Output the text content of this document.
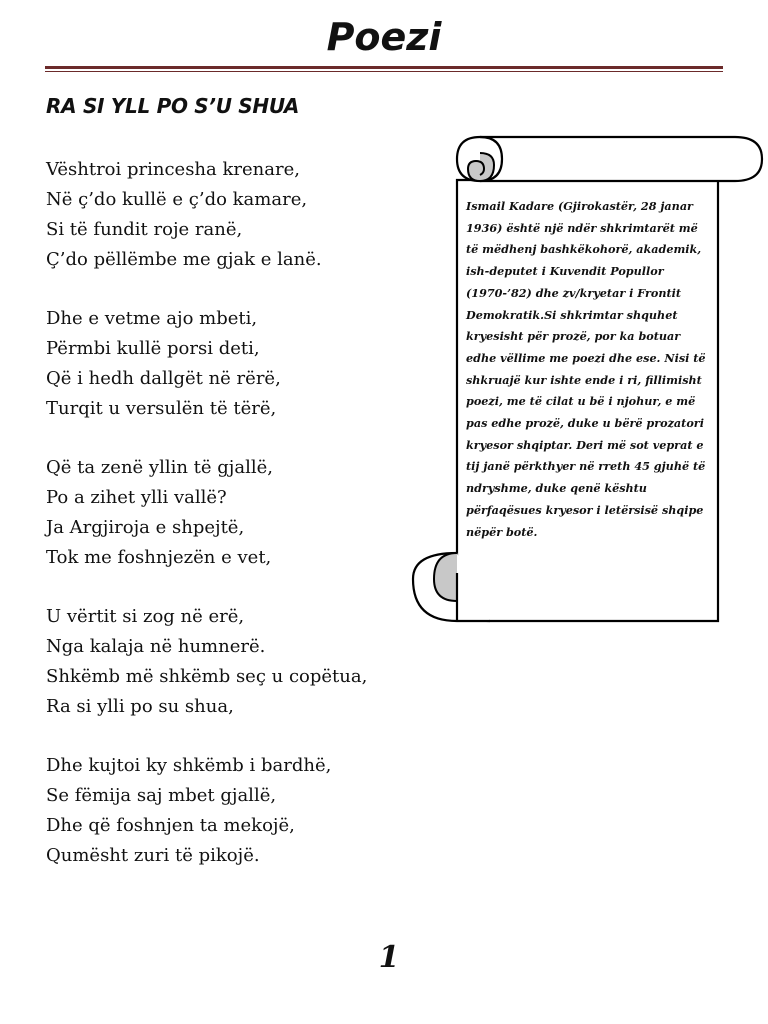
Poezi
RA SI YLL PO S’U SHUA

Vështroi princesha krenare,
Në ç’do kullë e ç’do kamare,
Si të fundit roje ranë,
Ç’do pëllëmbe me gjak e lanë.

Dhe e vetme ajo mbeti,
Përmbi kullë porsi deti,
Që i hedh dallgët në rërë,
Turqit u versulën të tërë,

Që ta zenë yllin të gjallë,
Po a zihet ylli vallë?
Ja Argjiroja e shpejtë,
Tok me foshnjezën e vet,

U vërtit si zog në erë,
Nga kalaja në humnerë.
Shkëmb më shkëmb seç u copëtua,
Ra si ylli po su shua,

Dhe kujtoi ky shkëmb i bardhë,
Se fëmija saj mbet gjallë,
Dhe që foshnjen ta mekojë,
Qumësht zuri të pikojë.

Ismail Kadare (Gjirokastër, 28 janar 1936) është një ndër shkrimtarët më të mëdhenj bashkëkohorë, akademik, ish-deputet i Kuvendit Popullor (1970-’82) dhe zv/kryetar i Frontit Demokratik.Si shkrimtar shquhet kryesisht për prozë, por ka botuar edhe vëllime me poezi dhe ese. Nisi të shkruajë kur ishte ende i ri, fillimisht poezi, me të cilat u bë i njohur, e më pas edhe prozë, duke u bërë prozatori kryesor shqiptar. Deri më sot veprat e tij janë përkthyer në rreth 45 gjuhë të ndryshme, duke qenë kështu përfaqësues kryesor i letërsisë shqipe nëpër botë.

1
